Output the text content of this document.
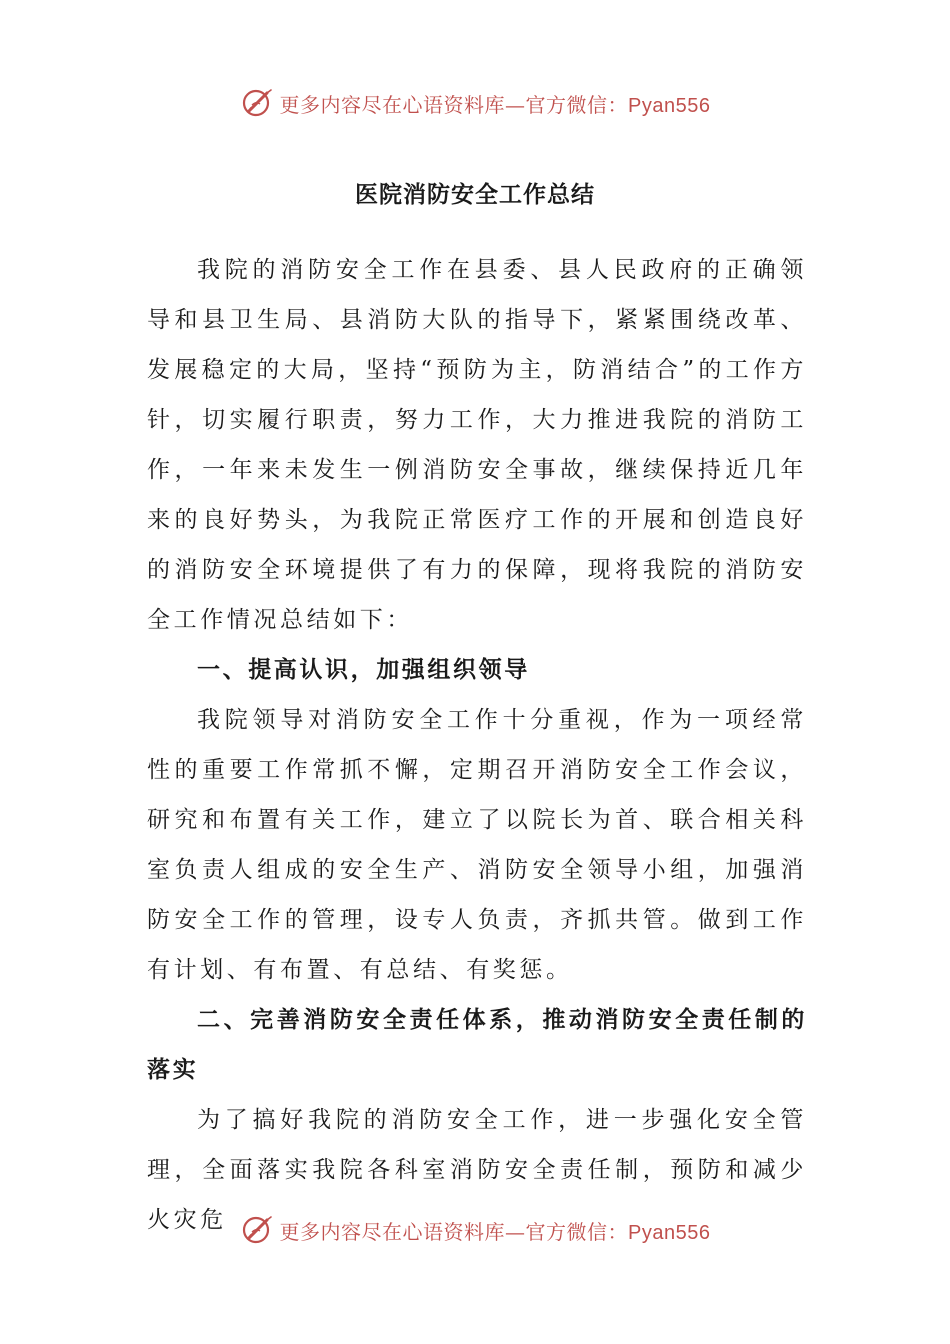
更多内容尽在心语资料库—官方微信：Pyan556
医院消防安全工作总结

我院的消防安全工作在县委、县人民政府的正确领导和县卫生局、县消防大队的指导下，紧紧围绕改革、发展稳定的大局，坚持“预防为主，防消结合”的工作方针，切实履行职责，努力工作，大力推进我院的消防工作，一年来未发生一例消防安全事故，继续保持近几年来的良好势头，为我院正常医疗工作的开展和创造良好的消防安全环境提供了有力的保障，现将我院的消防安全工作情况总结如下：

一、提高认识，加强组织领导

我院领导对消防安全工作十分重视，作为一项经常性的重要工作常抓不懈，定期召开消防安全工作会议，研究和布置有关工作，建立了以院长为首、联合相关科室负责人组成的安全生产、消防安全领导小组，加强消防安全工作的管理，设专人负责，齐抓共管。做到工作有计划、有布置、有总结、有奖惩。

二、完善消防安全责任体系，推动消防安全责任制的落实

为了搞好我院的消防安全工作，进一步强化安全管理，全面落实我院各科室消防安全责任制，预防和减少火灾危	更多内容尽在心语资料库—官方微信：Pyan556
